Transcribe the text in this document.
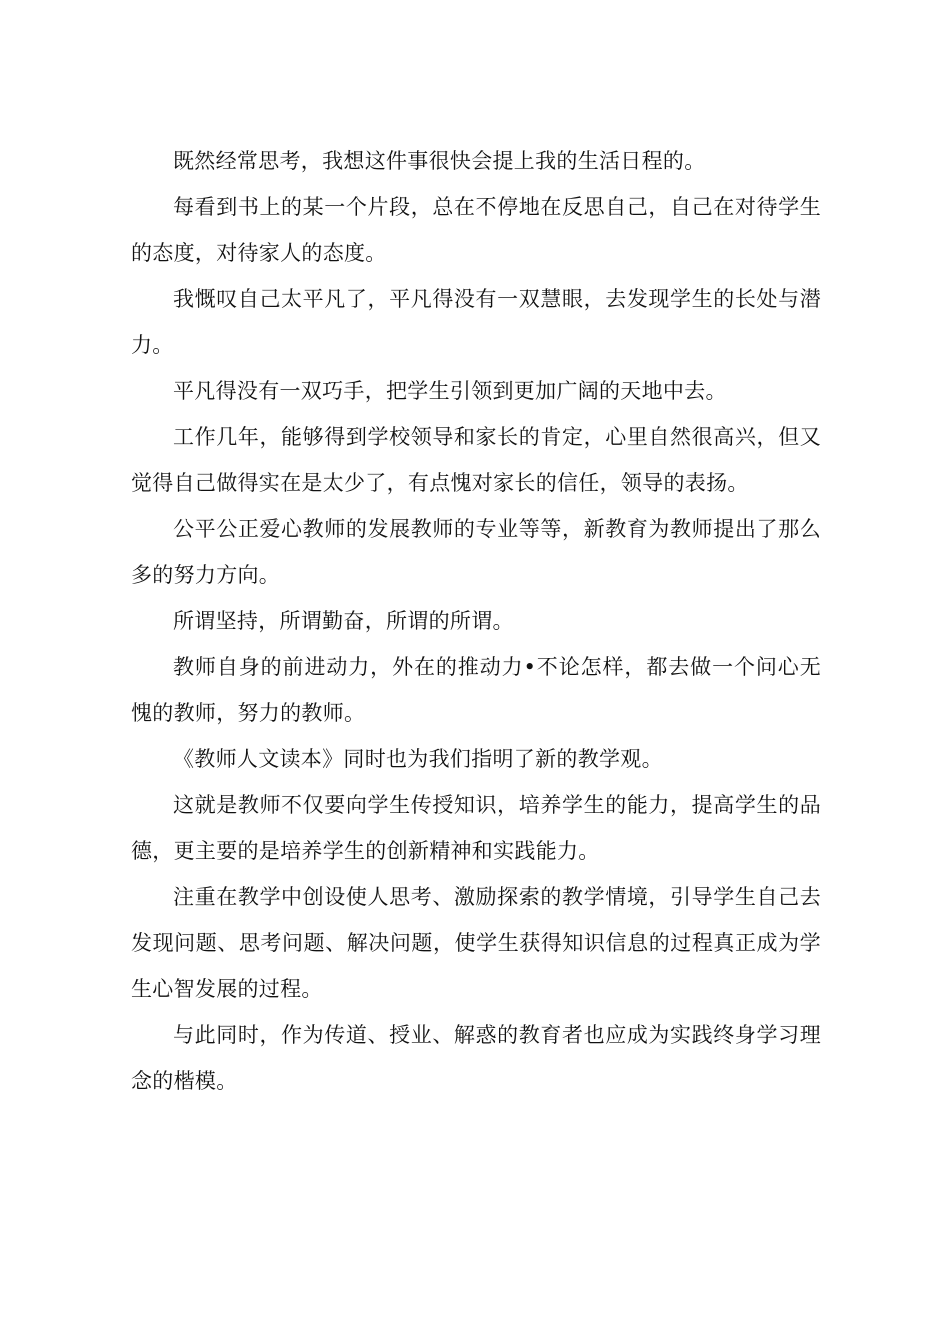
既然经常思考，我想这件事很快会提上我的生活日程的。

每看到书上的某一个片段，总在不停地在反思自己，自己在对待学生的态度，对待家人的态度。

我慨叹自己太平凡了，平凡得没有一双慧眼，去发现学生的长处与潜力。

平凡得没有一双巧手，把学生引领到更加广阔的天地中去。

工作几年，能够得到学校领导和家长的肯定，心里自然很高兴，但又觉得自己做得实在是太少了，有点愧对家长的信任，领导的表扬。

公平公正爱心教师的发展教师的专业等等，新教育为教师提出了那么多的努力方向。

所谓坚持，所谓勤奋，所谓的所谓。

教师自身的前进动力，外在的推动力•不论怎样，都去做一个问心无愧的教师，努力的教师。

《教师人文读本》同时也为我们指明了新的教学观。

这就是教师不仅要向学生传授知识，培养学生的能力，提高学生的品德，更主要的是培养学生的创新精神和实践能力。

注重在教学中创设使人思考、激励探索的教学情境，引导学生自己去发现问题、思考问题、解决问题，使学生获得知识信息的过程真正成为学生心智发展的过程。

与此同时，作为传道、授业、解惑的教育者也应成为实践终身学习理念的楷模。
